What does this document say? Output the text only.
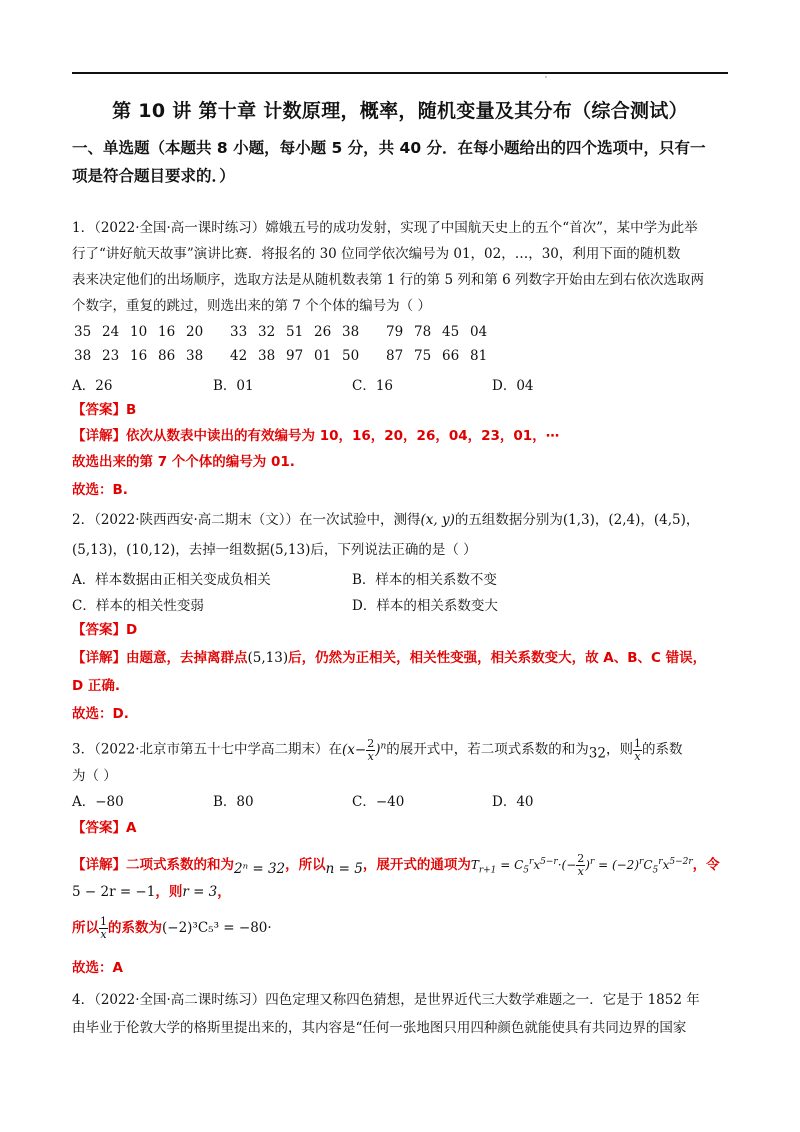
第 10 讲 第十章 计数原理，概率，随机变量及其分布（综合测试）
一、单选题（本题共 8 小题，每小题 5 分，共 40 分．在每小题给出的四个选项中，只有一
项是符合题目要求的．）
1．（2022·全国·高一课时练习）嫦娥五号的成功发射，实现了中国航天史上的五个“首次”，某中学为此举
行了“讲好航天故事”演讲比赛．将报名的 30 位同学依次编号为 01，02，…，30，利用下面的随机数
表来决定他们的出场顺序，选取方法是从随机数表第 1 行的第 5 列和第 6 列数字开始由左到右依次选取两
个数字，重复的跳过，则选出来的第 7 个个体的编号为（ ）
35 24 10 16 20 33 32 51 26 38 79 78 45 04
38 23 16 86 38 42 38 97 01 50 87 75 66 81
A．26	B．01	C．16	D．04
【答案】B
【详解】依次从数表中读出的有效编号为 10，16，20，26，04，23，01，⋯
故选出来的第 7 个个体的编号为 01.
故选：B.
2．（2022·陕西西安·高二期末（文））在一次试验中，测得(x, y)的五组数据分别为(1,3)，(2,4)，(4,5)，
(5,13)，(10,12)，去掉一组数据(5,13)后，下列说法正确的是（ ）
A．样本数据由正相关变成负相关	B．样本的相关系数不变
C．样本的相关性变弱	D．样本的相关系数变大
【答案】D
【详解】由题意，去掉离群点(5,13)后，仍然为正相关，相关性变强，相关系数变大，故 A、B、C 错误，
D 正确.
故选：D.
3．（2022·北京市第五十七中学高二期末）在$(x- \frac{2}{x} )^n$的展开式中，若二项式系数的和为32，则 $\frac{1}{x}$ 的系数
为（ ）
A．−80	B．80	C．−40	D．40
【答案】A
【详解】二项式系数的和为2ⁿ = 32，所以n = 5，展开式的通项为$T_{r+1} = C_5^rx^{5-r}\cdot(- \frac{2}{x} )^r = (-2)^rC_5^rx^{5-2r}$，令
5 − 2r = −1，则r = 3，
所以 $\frac{1}{x}$ 的系数为(−2)³C₅³ = −80·
故选：A
4．（2022·全国·高二课时练习）四色定理又称四色猜想，是世界近代三大数学难题之一．它是于 1852 年
由毕业于伦敦大学的格斯里提出来的，其内容是“任何一张地图只用四种颜色就能使具有共同边界的国家
